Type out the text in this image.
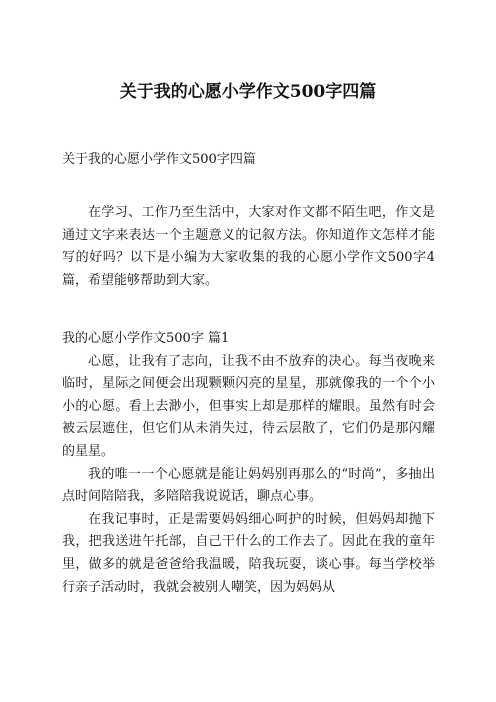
关于我的心愿小学作文500字四篇
关于我的心愿小学作文500字四篇

在学习、工作乃至生活中，大家对作文都不陌生吧，作文是通过文字来表达一个主题意义的记叙方法。你知道作文怎样才能写的好吗？以下是小编为大家收集的我的心愿小学作文500字4篇，希望能够帮助到大家。

我的心愿小学作文500字 篇1

心愿，让我有了志向，让我不由不放弃的决心。每当夜晚来临时，星际之间便会出现颗颗闪亮的星星，那就像我的一个个小小的心愿。看上去渺小，但事实上却是那样的耀眼。虽然有时会被云层遮住，但它们从未消失过，待云层散了，它们仍是那闪耀的星星。

我的唯一一个心愿就是能让妈妈别再那么的“时尚”，多抽出点时间陪陪我，多陪陪我说说话，聊点心事。

在我记事时，正是需要妈妈细心呵护的时候，但妈妈却抛下我，把我送进午托部，自己干什么的工作去了。因此在我的童年里，做多的就是爸爸给我温暖，陪我玩耍，谈心事。每当学校举行亲子活动时，我就会被别人嘲笑，因为妈妈从
